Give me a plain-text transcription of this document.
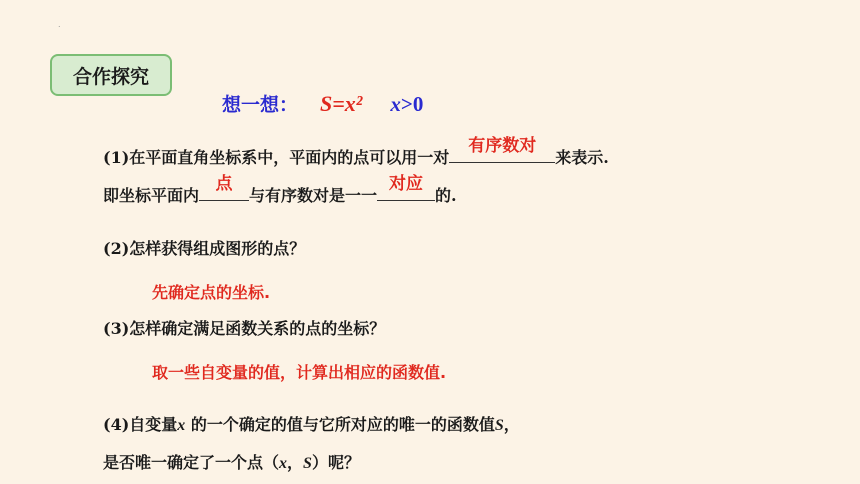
.
合作探究
想一想： S=x² x>0
(1)在平面直角坐标系中，平面内的点可以用一对
有序数对
来表示.
即坐标平面内
点
与有序数对是一一
对应
的.
(2)怎样获得组成图形的点？
先确定点的坐标.
(3)怎样确定满足函数关系的点的坐标？
取一些自变量的值，计算出相应的函数值.
(4)自变量x 的一个确定的值与它所对应的唯一的函数值S，
是否唯一确定了一个点（x，S）呢？
